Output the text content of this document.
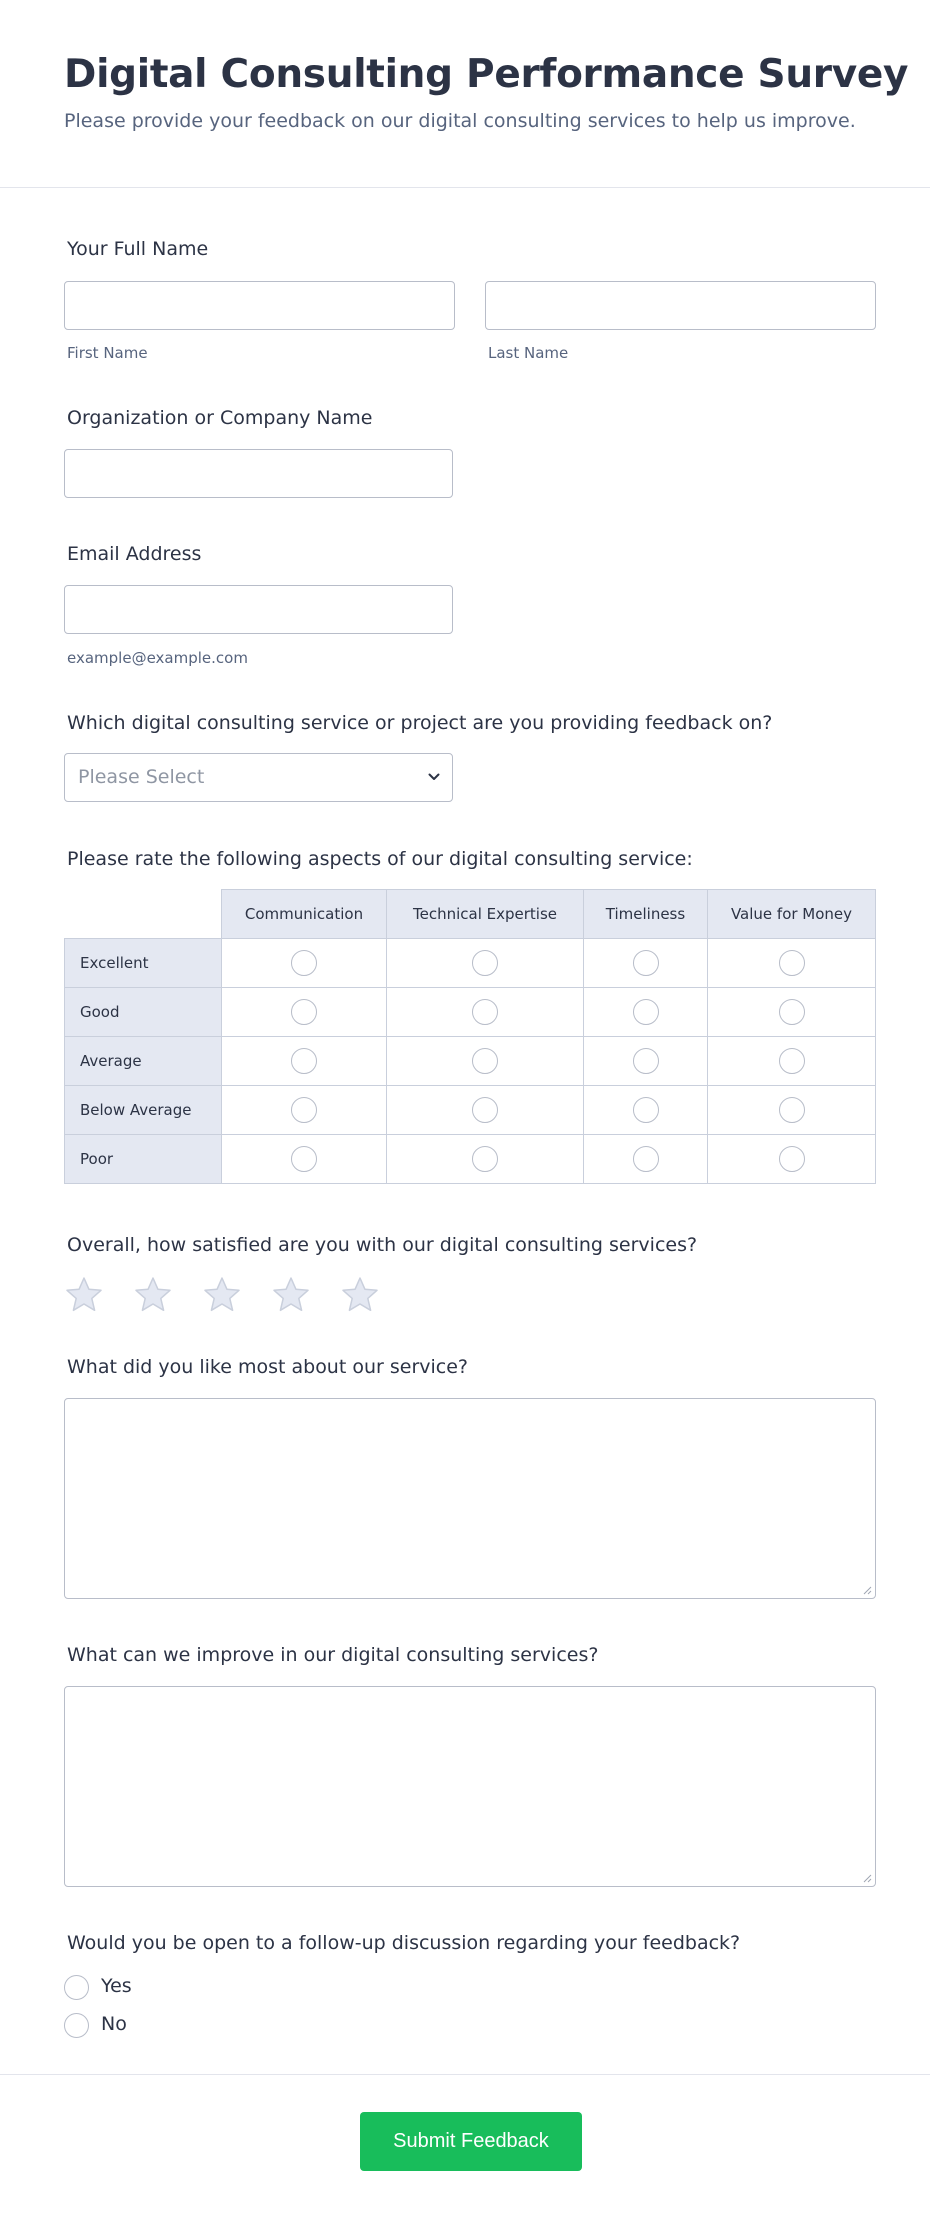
Digital Consulting Performance Survey
Please provide your feedback on our digital consulting services to help us improve.
Your Full Name
First Name	Last Name
Organization or Company Name
Email Address
example@example.com
Which digital consulting service or project are you providing feedback on?
Please Select
Please rate the following aspects of our digital consulting service:
Communication	Technical Expertise	Timeliness	Value for Money
Excellent
Good
Average
Below Average
Poor
Overall, how satisfied are you with our digital consulting services?
What did you like most about our service?
What can we improve in our digital consulting services?
Would you be open to a follow-up discussion regarding your feedback?
Yes
No
Submit Feedback
